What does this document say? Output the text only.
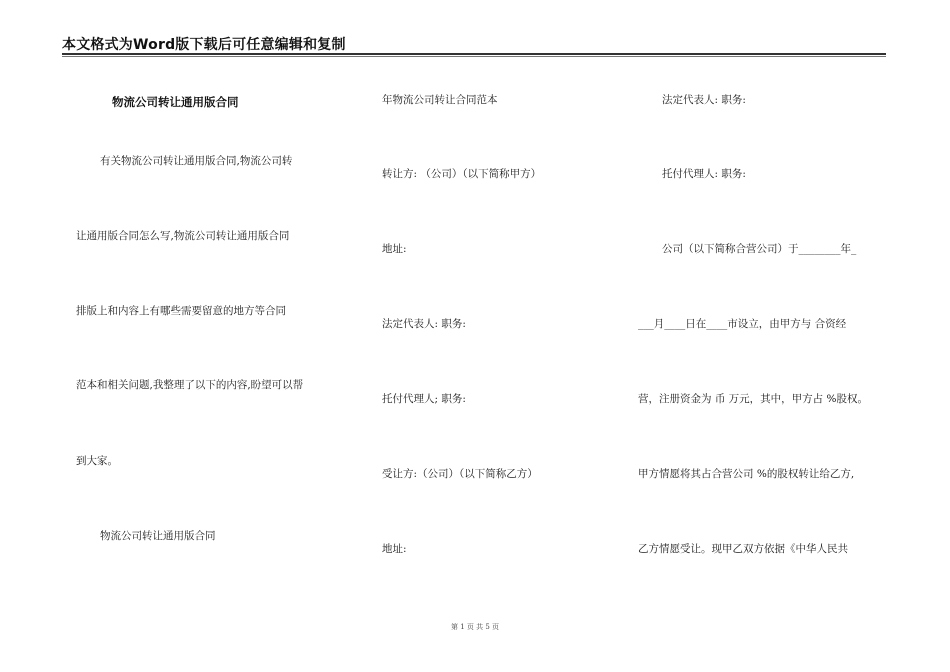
本文格式为Word版下载后可任意编辑和复制
物流公司转让通用版合同
有关物流公司转让通用版合同,物流公司转
让通用版合同怎么写,物流公司转让通用版合同
排版上和内容上有哪些需要留意的地方等合同
范本和相关问题,我整理了以下的内容,盼望可以帮
到大家。
物流公司转让通用版合同
年物流公司转让合同范本
转让方: （公司）（以下简称甲方）
地址:
法定代表人: 职务:
托付代理人; 职务:
受让方:（公司）（以下简称乙方）
地址:
法定代表人: 职务:
托付代理人: 职务:
公司（以下简称合营公司）于________年_
___月____日在____市设立，由甲方与 合资经
营，注册资金为 币 万元，其中，甲方占 %股权。
甲方情愿将其占合营公司 %的股权转让给乙方,
乙方情愿受让。现甲乙双方依据《中华人民共
第 1 页 共 5 页
